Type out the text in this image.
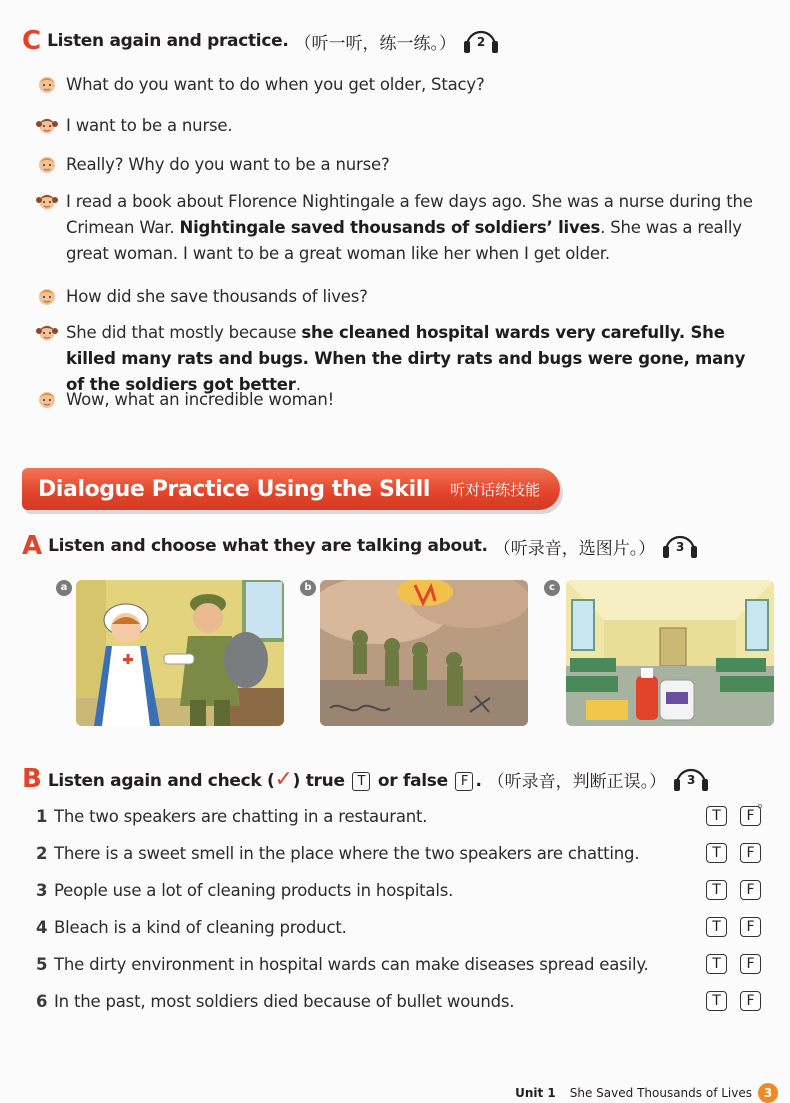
C Listen again and practice. （听一听，练一练。）	2
What do you want to do when you get older, Stacy?
I want to be a nurse.
Really? Why do you want to be a nurse?
I read a book about Florence Nightingale a few days ago. She was a nurse during the Crimean War. Nightingale saved thousands of soldiers’ lives. She was a really great woman. I want to be a great woman like her when I get older.
How did she save thousands of lives?
She did that mostly because she cleaned hospital wards very carefully. She killed many rats and bugs. When the dirty rats and bugs were gone, many of the soldiers got better.
Wow, what an incredible woman!
Dialogue Practice Using the Skill 听对话练技能
A Listen and choose what they are talking about. （听录音，选图片。）	3
a	b	c
B Listen again and check (✓) true T or false F . （听录音，判断正误。）	3
1 The two speakers are chatting in a restaurant.	T	F
2 There is a sweet smell in the place where the two speakers are chatting.	T	F
3 People use a lot of cleaning products in hospitals.	T	F
4 Bleach is a kind of cleaning product.	T	F
5 The dirty environment in hospital wards can make diseases spread easily.	T	F
6 In the past, most soldiers died because of bullet wounds.	T	F
Unit 1 She Saved Thousands of Lives 3
